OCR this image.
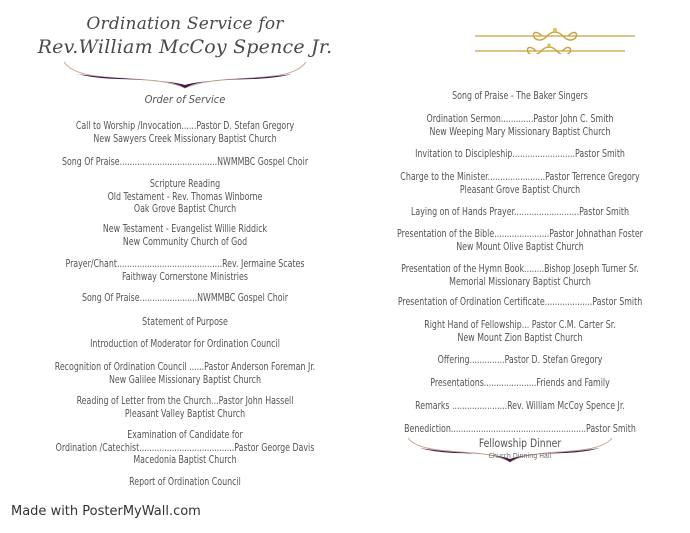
Ordination Service for
Rev.William McCoy Spence Jr.
Order of Service
Call to Worship /Invocation......Pastor D. Stefan Gregory
New Sawyers Creek Missionary Baptist Church
Song Of Praise.......................................NWMMBC Gospel Choir
Scripture Reading
Old Testament - Rev. Thomas Winborne
Oak Grove Baptist Church
New Testament - Evangelist Willie Riddick
New Community Church of God
Prayer/Chant..........................................Rev. Jermaine Scates
Faithway Cornerstone Ministries
Song Of Praise.......................NWMMBC Gospel Choir
Statement of Purpose
Introduction of Moderator for Ordination Council
Recognition of Ordination Council ......Pastor Anderson Foreman Jr.
New Galilee Missionary Baptist Church
Reading of Letter from the Church...Pastor John Hassell
Pleasant Valley Baptist Church
Examination of Candidate for
Ordination /Catechist......................................Pastor George Davis
Macedonia Baptist Church
Report of Ordination Council
Song of Praise - The Baker Singers
Ordination Sermon.............Pastor John C. Smith
New Weeping Mary Missionary Baptist Church
Invitation to Discipleship.........................Pastor Smith
Charge to the Minister.......................Pastor Terrence Gregory
Pleasant Grove Baptist Church
Laying on of Hands Prayer..........................Pastor Smith
Presentation of the Bible......................Pastor Johnathan Foster
New Mount Olive Baptist Church
Presentation of the Hymn Book........Bishop Joseph Turner Sr.
Memorial Missionary Baptist Church
Presentation of Ordination Certificate...................Pastor Smith
Right Hand of Fellowship... Pastor C.M. Carter Sr.
New Mount Zion Baptist Church
Offering..............Pastor D. Stefan Gregory
Presentations.....................Friends and Family
Remarks ......................Rev. William McCoy Spence Jr.
Benediction......................................................Pastor Smith
Fellowship Dinner
Church Dinning Hall
Made with PosterMyWall.com
